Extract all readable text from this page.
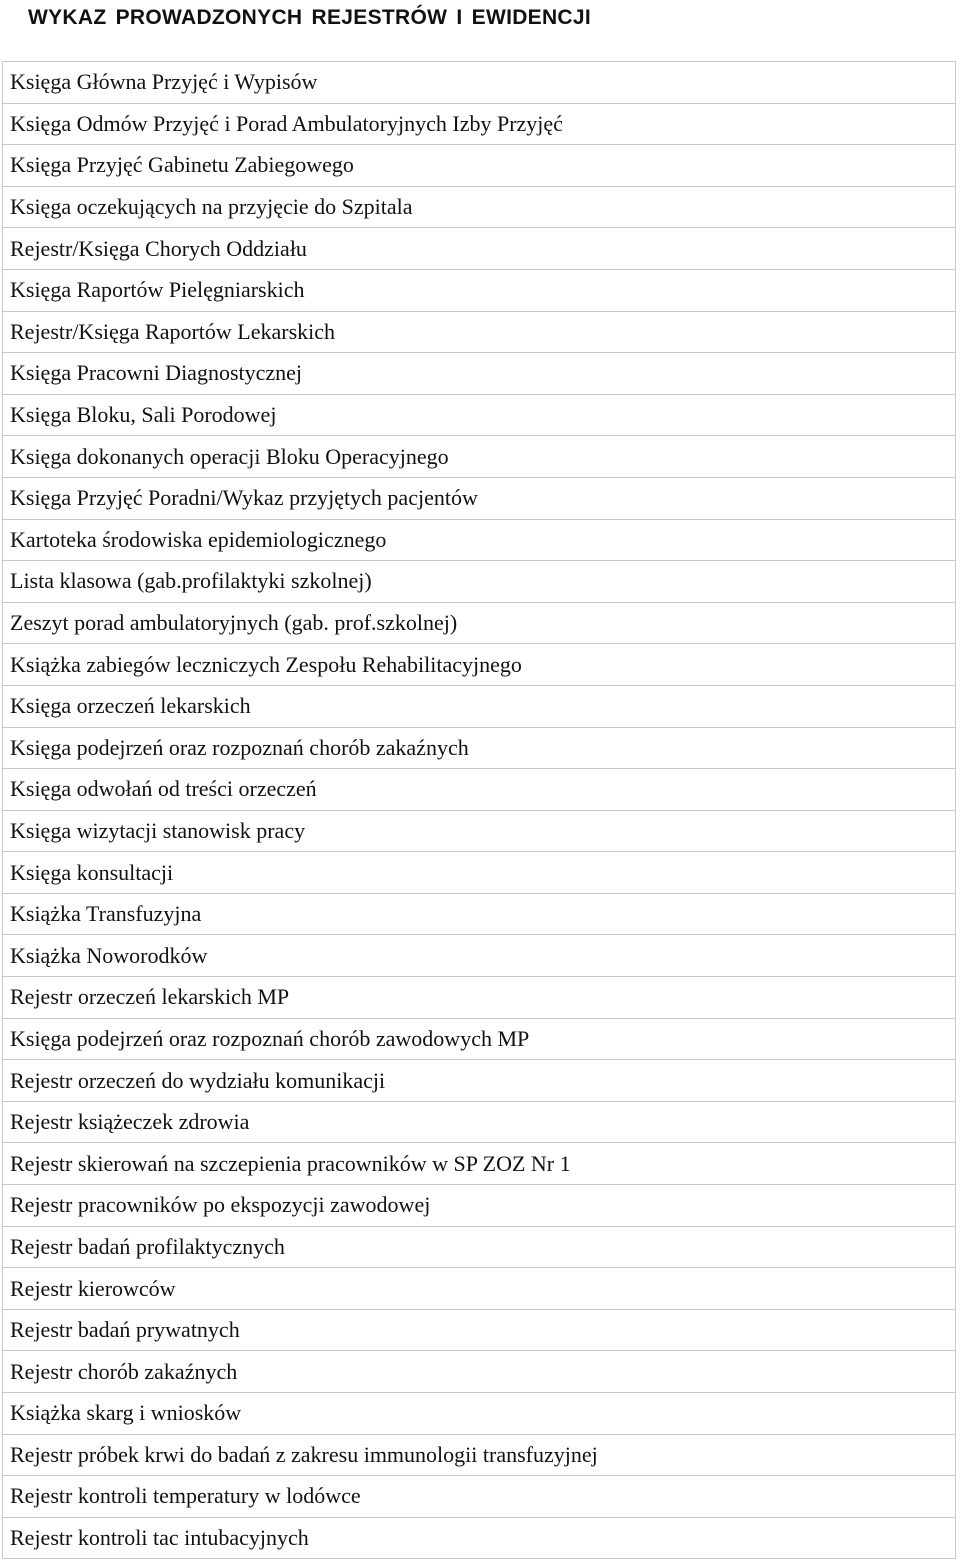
WYKAZ PROWADZONYCH REJESTRÓW I EWIDENCJI
Księga Główna Przyjęć i Wypisów
Księga Odmów Przyjęć i Porad Ambulatoryjnych Izby Przyjęć
Księga Przyjęć Gabinetu Zabiegowego
Księga oczekujących na przyjęcie do Szpitala
Rejestr/Księga Chorych Oddziału
Księga Raportów Pielęgniarskich
Rejestr/Księga Raportów Lekarskich
Księga Pracowni Diagnostycznej
Księga Bloku, Sali Porodowej
Księga dokonanych operacji Bloku Operacyjnego
Księga Przyjęć Poradni/Wykaz przyjętych pacjentów
Kartoteka środowiska epidemiologicznego
Lista klasowa (gab.profilaktyki szkolnej)
Zeszyt porad ambulatoryjnych (gab. prof.szkolnej)
Książka zabiegów leczniczych Zespołu Rehabilitacyjnego
Księga orzeczeń lekarskich
Księga podejrzeń oraz rozpoznań chorób zakaźnych
Księga odwołań od treści orzeczeń
Księga wizytacji stanowisk pracy
Księga konsultacji
Książka Transfuzyjna
Książka Noworodków
Rejestr orzeczeń lekarskich MP
Księga podejrzeń oraz rozpoznań chorób zawodowych MP
Rejestr orzeczeń do wydziału komunikacji
Rejestr książeczek zdrowia
Rejestr skierowań na szczepienia pracowników w SP ZOZ Nr 1
Rejestr pracowników po ekspozycji zawodowej
Rejestr badań profilaktycznych
Rejestr kierowców
Rejestr badań prywatnych
Rejestr chorób zakaźnych
Książka skarg i wniosków
Rejestr próbek krwi do badań z zakresu immunologii transfuzyjnej
Rejestr kontroli temperatury w lodówce
Rejestr kontroli tac intubacyjnych
